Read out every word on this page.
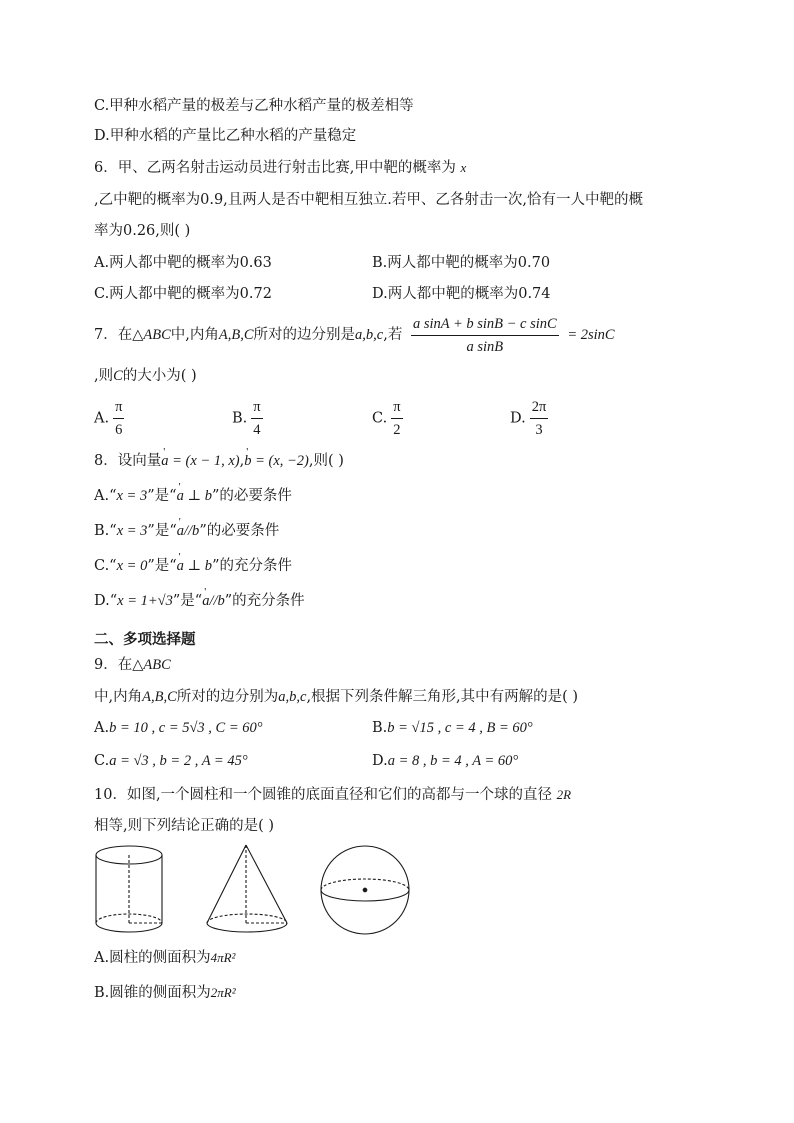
C.甲种水稻产量的极差与乙种水稻产量的极差相等
D.甲种水稻的产量比乙种水稻的产量稳定
6．甲、乙两名射击运动员进行射击比赛,甲中靶的概率为 x
,乙中靶的概率为0.9,且两人是否中靶相互独立.若甲、乙各射击一次,恰有一人中靶的概
率为0.26,则( )
A.两人都中靶的概率为0.63	B.两人都中靶的概率为0.70
C.两人都中靶的概率为0.72	D.两人都中靶的概率为0.74
7．在△ABC中,内角A,B,C所对的边分别是a,b,c,若 $\frac{\text{a sinA + b sinB − c sinC}}{\text{a sinB}} = 2\sin C$
,则C的大小为( )
A. $\frac{\pi}{6}$	B. $\frac{\pi}{4}$	C. $\frac{\pi}{2}$	D. $\frac{2\pi}{3}$
8．设向量' a = (x − 1, x),' b = (x, −2),则( )
A.“x = 3”是“' a ⊥ b”的必要条件
B.“x = 3”是“' a//b”的必要条件
C.“x = 0”是“' a ⊥ b”的充分条件
D.“x = 1+√3”是“' a//b”的充分条件
二、多项选择题
9．在△ABC
中,内角A,B,C所对的边分别为a,b,c,根据下列条件解三角形,其中有两解的是( )
A.b = 10 , c = 5√3 , C = 60°	B.b = √15 , c = 4 , B = 60°
C.a = √3 , b = 2 , A = 45°	D.a = 8 , b = 4 , A = 60°
10．如图,一个圆柱和一个圆锥的底面直径和它们的高都与一个球的直径 2R
相等,则下列结论正确的是( )
A.圆柱的侧面积为4πR²
B.圆锥的侧面积为2πR²
